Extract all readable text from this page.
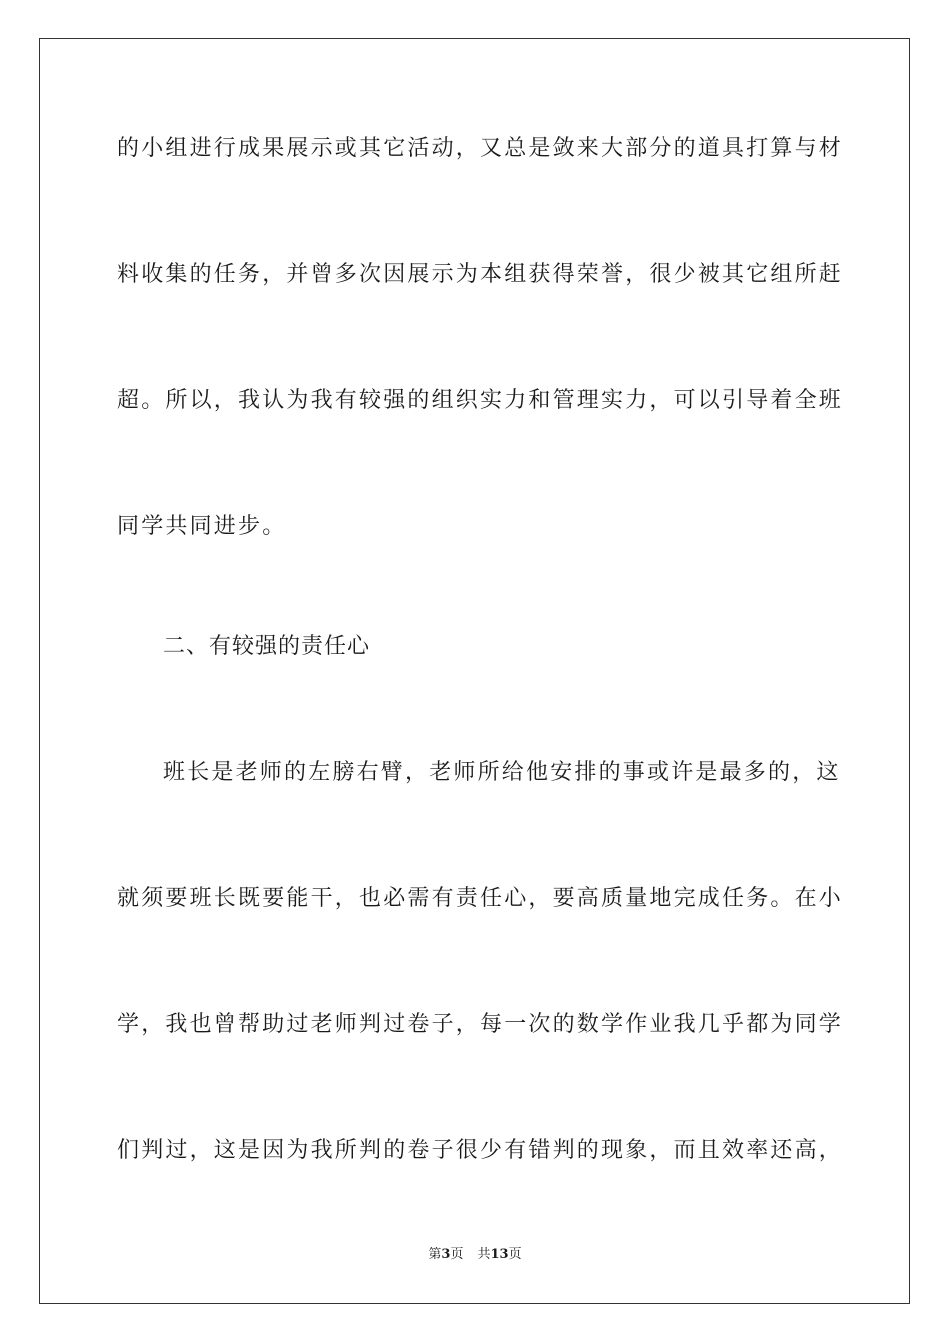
的小组进行成果展示或其它活动，又总是敛来大部分的道具打算与材
料收集的任务，并曾多次因展示为本组获得荣誉，很少被其它组所赶
超。所以，我认为我有较强的组织实力和管理实力，可以引导着全班
同学共同进步。
二、有较强的责任心
班长是老师的左膀右臂，老师所给他安排的事或许是最多的，这
就须要班长既要能干，也必需有责任心，要高质量地完成任务。在小
学，我也曾帮助过老师判过卷子，每一次的数学作业我几乎都为同学
们判过，这是因为我所判的卷子很少有错判的现象，而且效率还高，
第3页 共13页
